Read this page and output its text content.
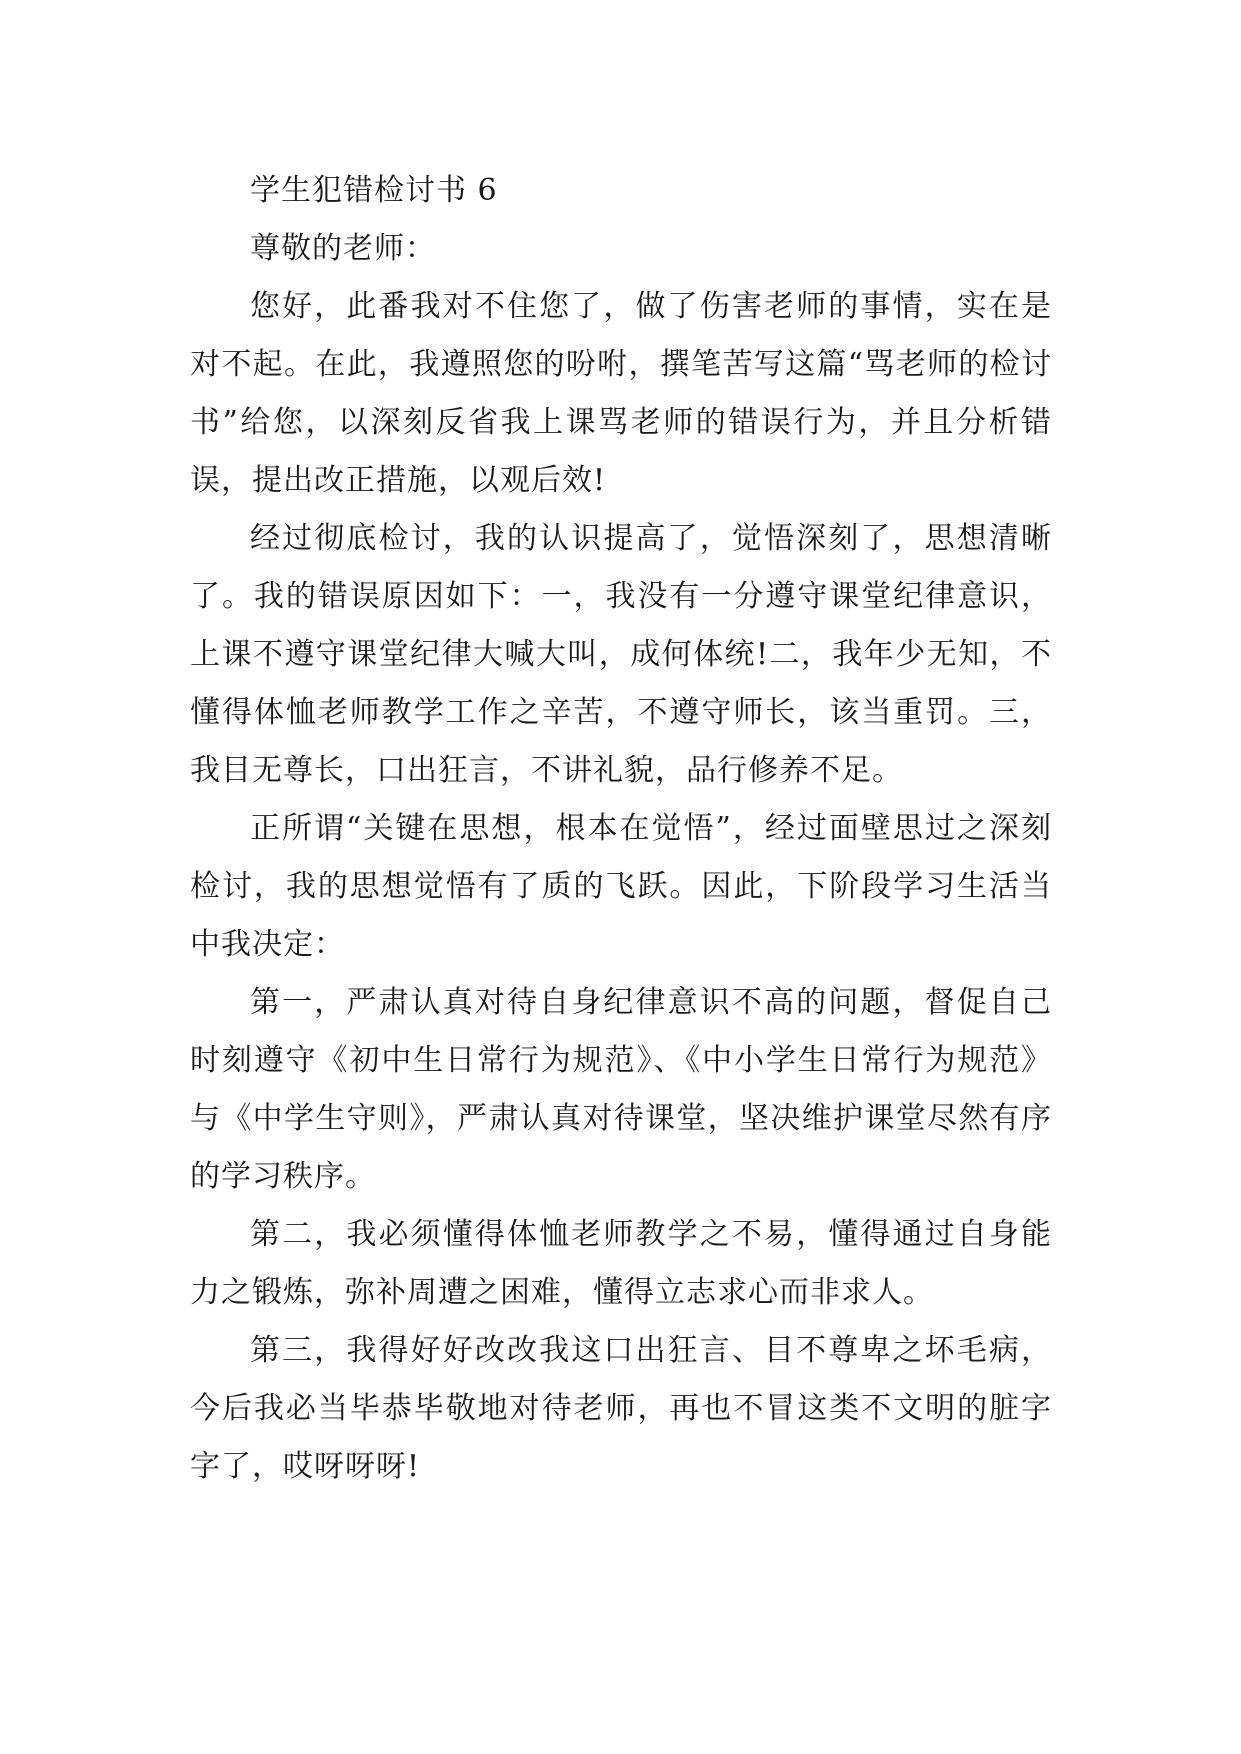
学生犯错检讨书 6

尊敬的老师：

您好，此番我对不住您了，做了伤害老师的事情，实在是对不起。在此，我遵照您的吩咐，撰笔苦写这篇“骂老师的检讨书”给您，以深刻反省我上课骂老师的错误行为，并且分析错误，提出改正措施，以观后效!

经过彻底检讨，我的认识提高了，觉悟深刻了，思想清晰了。我的错误原因如下：一，我没有一分遵守课堂纪律意识，上课不遵守课堂纪律大喊大叫，成何体统!二，我年少无知，不懂得体恤老师教学工作之辛苦，不遵守师长，该当重罚。三，我目无尊长，口出狂言，不讲礼貌，品行修养不足。

正所谓“关键在思想，根本在觉悟”，经过面壁思过之深刻检讨，我的思想觉悟有了质的飞跃。因此，下阶段学习生活当中我决定：

第一，严肃认真对待自身纪律意识不高的问题，督促自己时刻遵守《初中生日常行为规范》、《中小学生日常行为规范》与《中学生守则》，严肃认真对待课堂，坚决维护课堂尽然有序的学习秩序。

第二，我必须懂得体恤老师教学之不易，懂得通过自身能力之锻炼，弥补周遭之困难，懂得立志求心而非求人。

第三，我得好好改改我这口出狂言、目不尊卑之坏毛病，今后我必当毕恭毕敬地对待老师，再也不冒这类不文明的脏字字了，哎呀呀呀!
